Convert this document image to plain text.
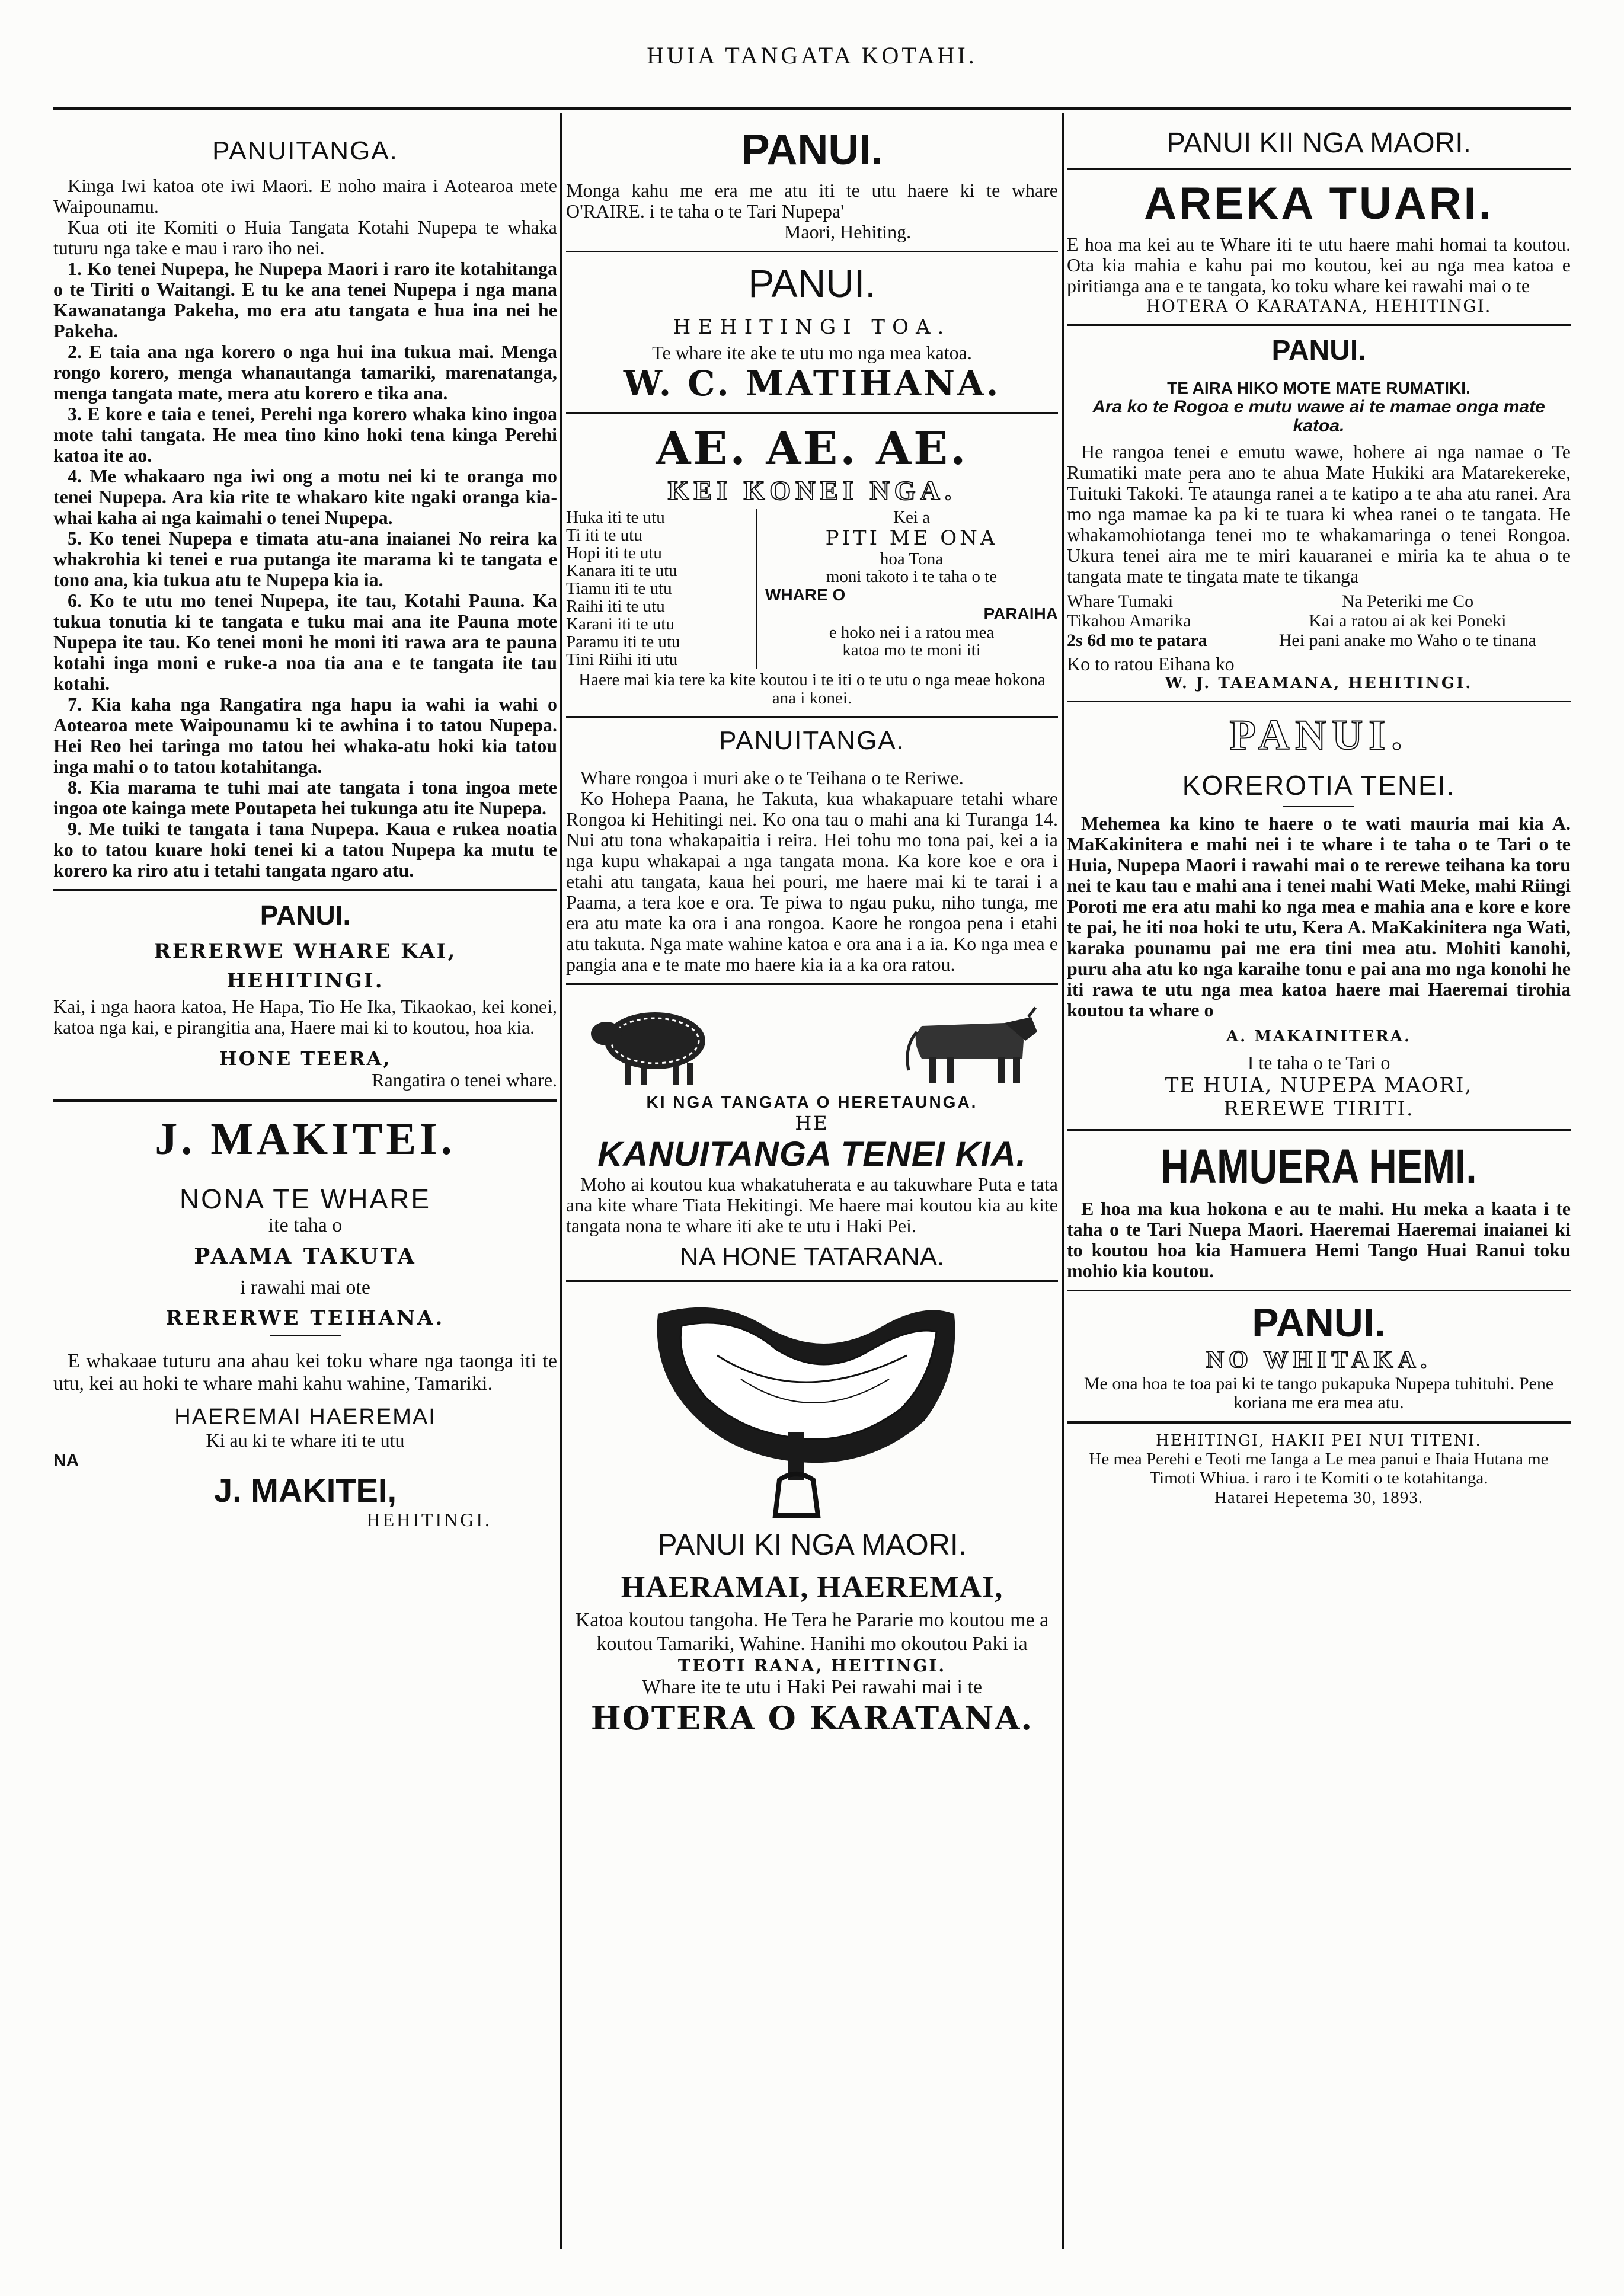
HUIA TANGATA KOTAHI.

PANUITANGA.

Kinga Iwi katoa ote iwi Maori. E noho maira i Aotearoa mete Waipounamu.

Kua oti ite Komiti o Huia Tangata Kotahi Nupepa te whaka tuturu nga take e mau i raro iho nei.

1. Ko tenei Nupepa, he Nupepa Maori i raro ite kotahitanga o te Tiriti o Waitangi. E tu ke ana tenei Nupepa i nga mana Kawanatanga Pakeha, mo era atu tangata e hua ina nei he Pakeha.

2. E taia ana nga korero o nga hui ina tukua mai. Menga rongo korero, menga whanautanga tamariki, marenatanga, menga tangata mate, mera atu korero e tika ana.

3. E kore e taia e tenei, Perehi nga korero whaka kino ingoa mote tahi tangata. He mea tino kino hoki tena kinga Perehi katoa ite ao.

4. Me whakaaro nga iwi ong a motu nei ki te oranga mo tenei Nupepa. Ara kia rite te whakaro kite ngaki oranga kia-whai kaha ai nga kaimahi o tenei Nupepa.

5. Ko tenei Nupepa e timata atu-ana inaianei No reira ka whakrohia ki tenei e rua putanga ite marama ki te tangata e tono ana, kia tukua atu te Nupepa kia ia.

6. Ko te utu mo tenei Nupepa, ite tau, Kotahi Pauna. Ka tukua tonutia ki te tangata e tuku mai ana ite Pauna mote Nupepa ite tau. Ko tenei moni he moni iti rawa ara te pauna kotahi inga moni e ruke-a noa tia ana e te tangata ite tau kotahi.

7. Kia kaha nga Rangatira nga hapu ia wahi ia wahi o Aotearoa mete Waipounamu ki te awhina i to tatou Nupepa. Hei Reo hei taringa mo tatou hei whaka-atu hoki kia tatou inga mahi o to tatou kotahitanga.

8. Kia marama te tuhi mai ate tangata i tona ingoa mete ingoa ote kainga mete Poutapeta hei tukunga atu ite Nupepa.

9. Me tuiki te tangata i tana Nupepa. Kaua e rukea noatia ko to tatou kuare hoki tenei ki a tatou Nupepa ka mutu te korero ka riro atu i tetahi tangata ngaro atu.

PANUI.

RERERWE WHARE KAI,

HEHITINGI.

Kai, i nga haora katoa, He Hapa, Tio He Ika, Tikaokao, kei konei, katoa nga kai, e pirangitia ana, Haere mai ki to koutou, hoa kia.

HONE TEERA,

Rangatira o tenei whare.

J. MAKITEI.

NONA TE WHARE

ite taha o

PAAMA TAKUTA

i rawahi mai ote

RERERWE TEIHANA.

E whakaae tuturu ana ahau kei toku whare nga taonga iti te utu, kei au hoki te whare mahi kahu wahine, Tamariki.

HAEREMAI HAEREMAI

Ki au ki te whare iti te utu

NA

J. MAKITEI,

HEHITINGI.

PANUI.

Monga kahu me era me atu iti te utu haere ki te whare O'RAIRE. i te taha o te Tari Nupepa'

Maori, Hehiting.

PANUI.

HEHITINGI TOA.

Te whare ite ake te utu mo nga mea katoa.

W. C. MATIHANA.

AE. AE. AE.

KEI KONEI NGA.

Huka iti te utu

Ti iti te utu

Hopi iti te utu

Kanara iti te utu

Tiamu iti te utu

Raihi iti te utu

Karani iti te utu

Paramu iti te utu

Tini Riihi iti utu

Kei a

PITI ME ONA

hoa Tona

moni takoto i te taha o te

WHARE O

PARAIHA

e hoko nei i a ratou mea

katoa mo te moni iti

Haere mai kia tere ka kite koutou i te iti o te utu o nga meae hokona ana i konei.

PANUITANGA.

Whare rongoa i muri ake o te Teihana o te Reriwe.

Ko Hohepa Paana, he Takuta, kua whakapuare tetahi whare Rongoa ki Hehitingi nei. Ko ona tau o mahi ana ki Turanga 14. Nui atu tona whakapaitia i reira. Hei tohu mo tona pai, kei a ia nga kupu whakapai a nga tangata mona. Ka kore koe e ora i etahi atu tangata, kaua hei pouri, me haere mai ki te tarai i a Paama, a tera koe e ora. Te piwa to ngau puku, niho tunga, me era atu mate ka ora i ana rongoa. Kaore he rongoa pena i etahi atu takuta. Nga mate wahine katoa e ora ana i a ia. Ko nga mea e pangia ana e te mate mo haere kia ia a ka ora ratou.

KI NGA TANGATA O HERETAUNGA.

HE

KANUITANGA TENEI KIA.

Moho ai koutou kua whakatuherata e au takuwhare Puta e tata ana kite whare Tiata Hekitingi. Me haere mai koutou kia au kite tangata nona te whare iti ake te utu i Haki Pei.

NA HONE TATARANA.

PANUI KI NGA MAORI.

HAERAMAI, HAEREMAI,

Katoa koutou tangoha. He Tera he Pararie mo koutou me a koutou Tamariki, Wahine. Hanihi mo okoutou Paki ia

TEOTI RANA, HEITINGI.

Whare ite te utu i Haki Pei rawahi mai i te

HOTERA O KARATANA.

PANUI KII NGA MAORI.

AREKA TUARI.

E hoa ma kei au te Whare iti te utu haere mahi homai ta koutou. Ota kia mahia e kahu pai mo koutou, kei au nga mea katoa e piritianga ana e te tangata, ko toku whare kei rawahi mai o te

HOTERA O KARATANA, HEHITINGI.

PANUI.

TE AIRA HIKO MOTE MATE RUMATIKI.

Ara ko te Rogoa e mutu wawe ai te mamae onga mate katoa.

He rangoa tenei e emutu wawe, hohere ai nga namae o Te Rumatiki mate pera ano te ahua Mate Hukiki ara Matarekereke, Tuituki Takoki. Te ataunga ranei a te katipo a te aha atu ranei. Ara mo nga mamae ka pa ki te tuara ki whea ranei o te tangata. He whakamohiotanga tenei mo te whakamaringa o tenei Rongoa. Ukura tenei aira me te miri kauaranei e miria ka te ahua o te tangata mate te tingata mate te tikanga

Whare Tumaki	Na Peteriki me Co
Tikahou Amarika	Kai a ratou ai ak kei Poneki
2s 6d mo te patara	Hei pani anake mo Waho o te tinana

Ko to ratou Eihana ko

W. J. TAEAMANA, HEHITINGI.

PANUI.

KOREROTIA TENEI.

Mehemea ka kino te haere o te wati mauria mai kia A. MaKakinitera e mahi nei i te whare i te taha o te Tari o te Huia, Nupepa Maori i rawahi mai o te rerewe teihana ka toru nei te kau tau e mahi ana i tenei mahi Wati Meke, mahi Riingi Poroti me era atu mahi ko nga mea e mahia ana e kore e kore te pai, he iti noa hoki te utu, Kera A. MaKakinitera nga Wati, karaka pounamu pai me era tini mea atu. Mohiti kanohi, puru aha atu ko nga karaihe tonu e pai ana mo nga konohi he iti rawa te utu nga mea katoa haere mai Haeremai tirohia koutou ta whare o

A. MAKAINITERA.

I te taha o te Tari o

TE HUIA, NUPEPA MAORI,

REREWE TIRITI.

HAMUERA HEMI.

E hoa ma kua hokona e au te mahi. Hu meka a kaata i te taha o te Tari Nuepa Maori. Haeremai Haeremai inaianei ki to koutou hoa kia Hamuera Hemi Tango Huai Ranui toku mohio kia koutou.

PANUI.

NO WHITAKA.

Me ona hoa te toa pai ki te tango pukapuka Nupepa tuhituhi. Pene koriana me era mea atu.

HEHITINGI, HAKII PEI NUI TITENI.

He mea Perehi e Teoti me Ianga a Le mea panui e Ihaia Hutana me Timoti Whiua. i raro i te Komiti o te kotahitanga.

Hatarei Hepetema 30, 1893.
